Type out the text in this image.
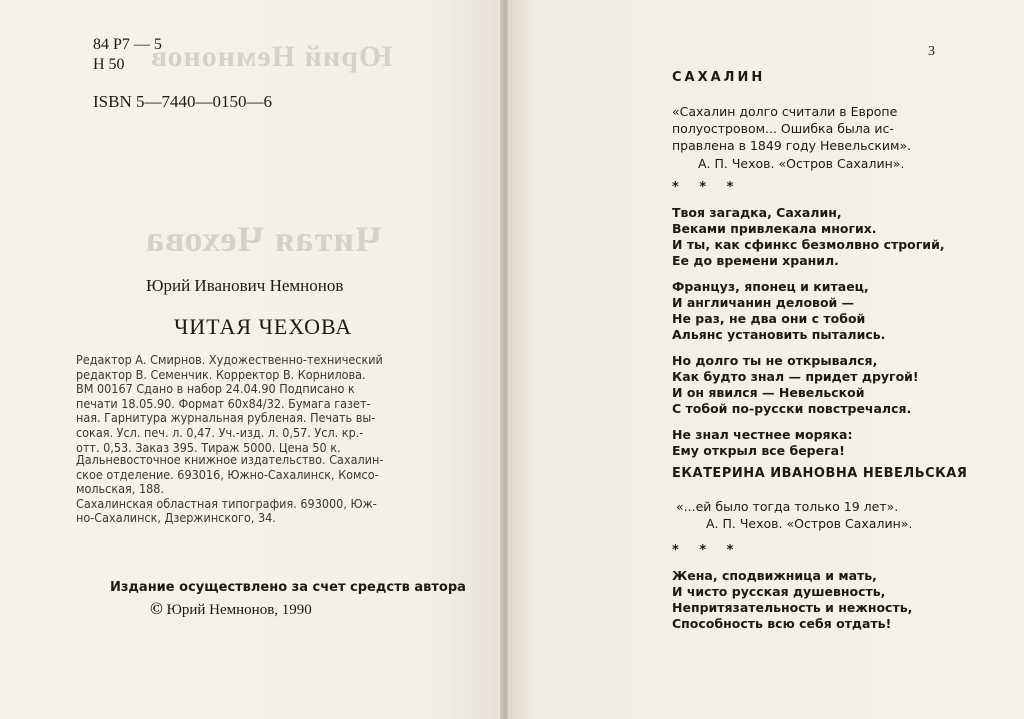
Юрий Немнонов
Читая Чехова
84 Р7 — 5
Н 50
ISBN 5—7440—0150—6
Юрий Иванович Немнонов
ЧИТАЯ ЧЕХОВА
Редактор А. Смирнов. Художественно-технический
редактор В. Семенчик. Корректор В. Корнилова.
ВМ 00167 Сдано в набор 24.04.90 Подписано к
печати 18.05.90. Формат 60х84/32. Бумага газет-
ная. Гарнитура журнальная рубленая. Печать вы-
сокая. Усл. печ. л. 0,47. Уч.-изд. л. 0,57. Усл. кр.-
отт. 0,53. Заказ 395. Тираж 5000. Цена 50 к.
Дальневосточное книжное издательство. Сахалин-
ское отделение. 693016, Южно-Сахалинск, Комсо-
мольская, 188.
Сахалинская областная типография. 693000, Юж-
но-Сахалинск, Дзержинского, 34.
Издание осуществлено за счет средств автора
© Юрий Немнонов, 1990
3
САХАЛИН
«Сахалин долго считали в Европе
полуостровом... Ошибка была ис-
правлена в 1849 году Невельским».
А. П. Чехов. «Остров Сахалин».
* * *
Твоя загадка, Сахалин,
Веками привлекала многих.
И ты, как сфинкс безмолвно строгий,
Ее до времени хранил.
Француз, японец и китаец,
И англичанин деловой —
Не раз, не два они с тобой
Альянс установить пытались.
Но долго ты не открывался,
Как будто знал — придет другой!
И он явился — Невельской
С тобой по-русски повстречался.
Не знал честнее моряка:
Ему открыл все берега!
ЕКАТЕРИНА ИВАНОВНА НЕВЕЛЬСКАЯ
«...ей было тогда только 19 лет».
А. П. Чехов. «Остров Сахалин».
* * *
Жена, сподвижница и мать,
И чисто русская душевность,
Непритязательность и нежность,
Способность всю себя отдать!
